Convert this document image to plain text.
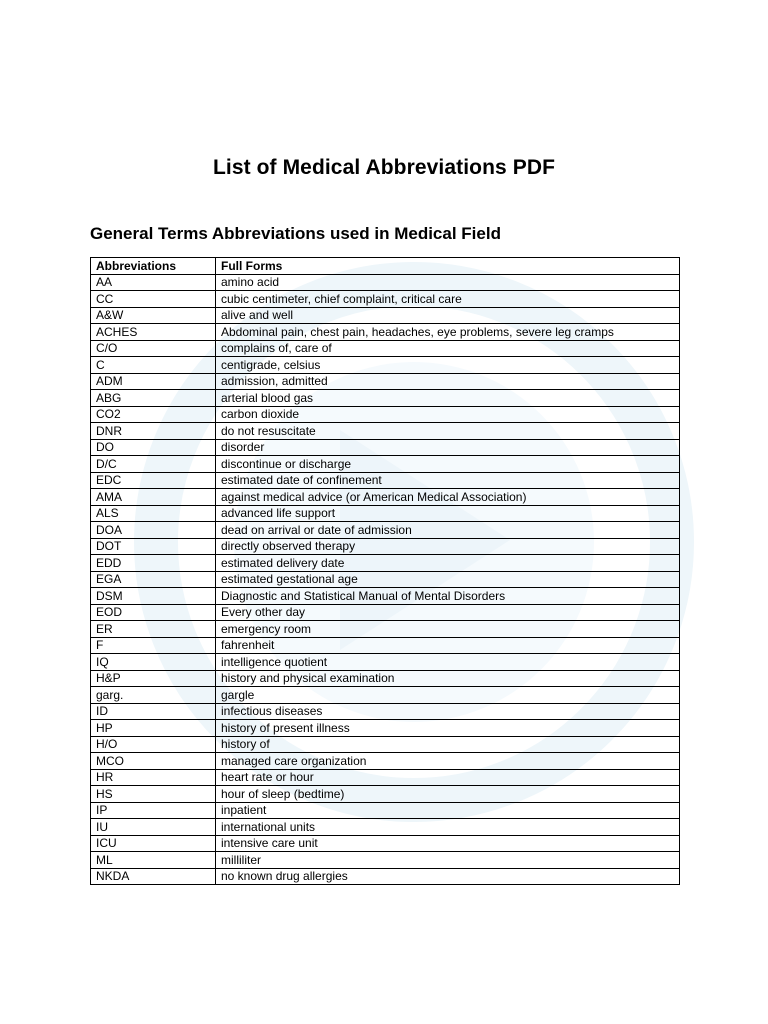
List of Medical Abbreviations PDF
General Terms Abbreviations used in Medical Field
Abbreviations	Full Forms
AA	amino acid
CC	cubic centimeter, chief complaint, critical care
A&W	alive and well
ACHES	Abdominal pain, chest pain, headaches, eye problems, severe leg cramps
C/O	complains of, care of
C	centigrade, celsius
ADM	admission, admitted
ABG	arterial blood gas
CO2	carbon dioxide
DNR	do not resuscitate
DO	disorder
D/C	discontinue or discharge
EDC	estimated date of confinement
AMA	against medical advice (or American Medical Association)
ALS	advanced life support
DOA	dead on arrival or date of admission
DOT	directly observed therapy
EDD	estimated delivery date
EGA	estimated gestational age
DSM	Diagnostic and Statistical Manual of Mental Disorders
EOD	Every other day
ER	emergency room
F	fahrenheit
IQ	intelligence quotient
H&P	history and physical examination
garg.	gargle
ID	infectious diseases
HP	history of present illness
H/O	history of
MCO	managed care organization
HR	heart rate or hour
HS	hour of sleep (bedtime)
IP	inpatient
IU	international units
ICU	intensive care unit
ML	milliliter
NKDA	no known drug allergies
